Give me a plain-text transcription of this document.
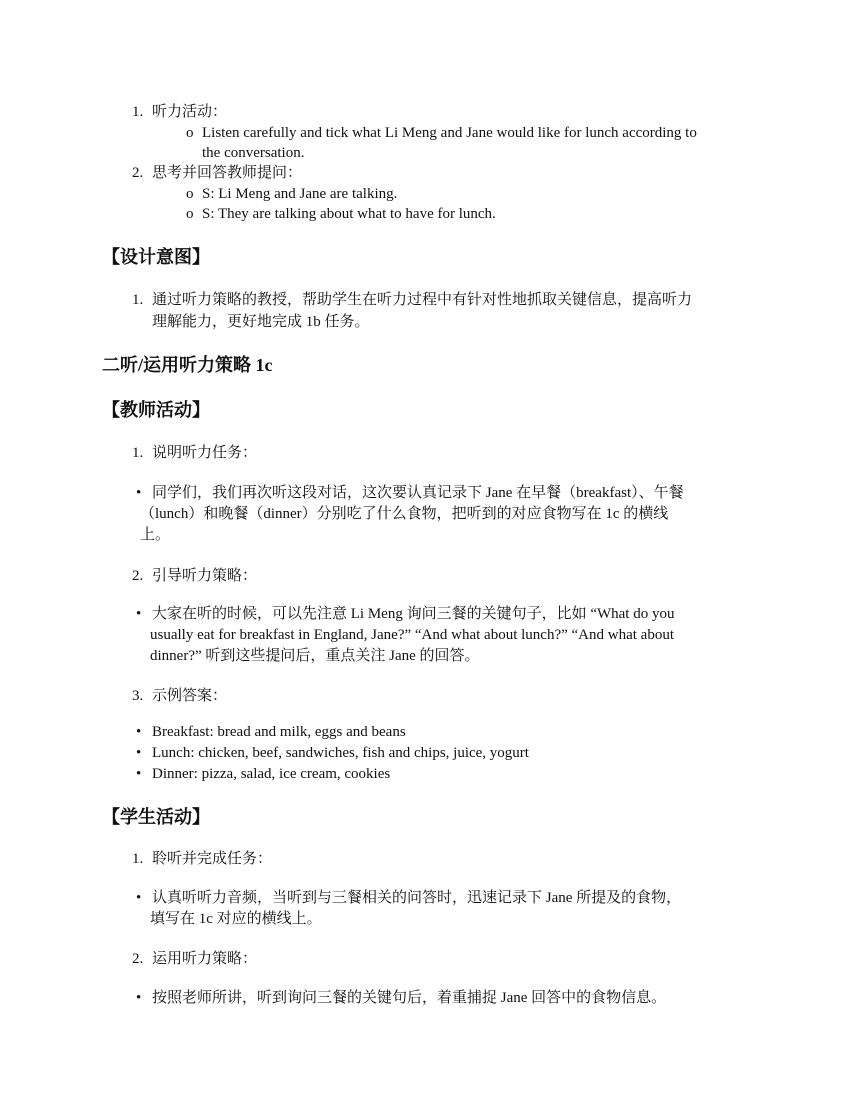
1. 听力活动：
o Listen carefully and tick what Li Meng and Jane would like for lunch according to
the conversation.
2. 思考并回答教师提问：
o S: Li Meng and Jane are talking.
o S: They are talking about what to have for lunch.
【设计意图】
1. 通过听力策略的教授，帮助学生在听力过程中有针对性地抓取关键信息，提高听力
理解能力，更好地完成 1b 任务。
二听/运用听力策略 1c
【教师活动】
1. 说明听力任务：
• 同学们，我们再次听这段对话，这次要认真记录下 Jane 在早餐（breakfast）、午餐
（lunch）和晚餐（dinner）分别吃了什么食物，把听到的对应食物写在 1c 的横线
上。
2. 引导听力策略：
• 大家在听的时候，可以先注意 Li Meng 询问三餐的关键句子，比如 “What do you
usually eat for breakfast in England, Jane?” “And what about lunch?” “And what about
dinner?” 听到这些提问后，重点关注 Jane 的回答。
3. 示例答案：
• Breakfast: bread and milk, eggs and beans
• Lunch: chicken, beef, sandwiches, fish and chips, juice, yogurt
• Dinner: pizza, salad, ice cream, cookies
【学生活动】
1. 聆听并完成任务：
• 认真听听力音频，当听到与三餐相关的问答时，迅速记录下 Jane 所提及的食物，
填写在 1c 对应的横线上。
2. 运用听力策略：
• 按照老师所讲，听到询问三餐的关键句后，着重捕捉 Jane 回答中的食物信息。
